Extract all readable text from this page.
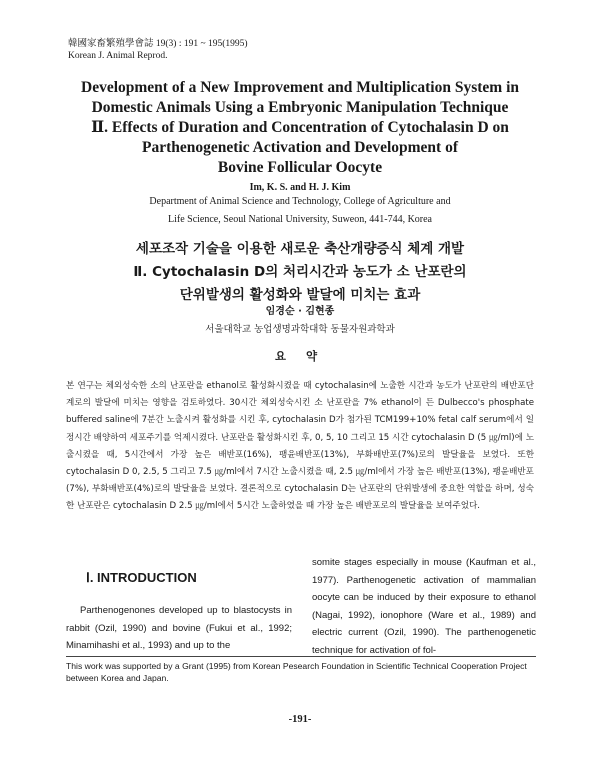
韓國家畜繁殖學會誌 19(3) : 191 ~ 195(1995)
Korean J. Animal Reprod.
Development of a New Improvement and Multiplication System in
Domestic Animals Using a Embryonic Manipulation Technique
Ⅱ. Effects of Duration and Concentration of Cytochalasin D on
Parthenogenetic Activation and Development of
Bovine Follicular Oocyte
Im, K. S. and H. J. Kim
Department of Animal Science and Technology, College of Agriculture and
Life Science, Seoul National University, Suweon, 441-744, Korea
세포조작 기술을 이용한 새로운 축산개량증식 체계 개발
Ⅱ. Cytochalasin D의 처리시간과 농도가 소 난포란의
단위발생의 활성화와 발달에 미치는 효과
임경순 · 김현종
서울대학교 농업생명과학대학 동물자원과학과
요 약

본 연구는 체외성숙한 소의 난포란을 ethanol로 활성화시켰을 때 cytochalasin에 노출한 시간과 농도가 난포란의 배반포단계로의 발달에 미치는 영향을 검토하였다. 30시간 체외성숙시킨 소 난포란을 7% ethanol이 든 Dulbecco's phosphate buffered saline에 7분간 노출시켜 활성화를 시킨 후, cytochalasin D가 첨가된 TCM199+10% fetal calf serum에서 일정시간 배양하여 세포주기를 억제시켰다. 난포란을 활성화시킨 후, 0, 5, 10 그리고 15 시간 cytochalasin D (5 ㎍/ml)에 노출시켰을 때, 5시간에서 가장 높은 배반포(16%), 팽윤배반포(13%), 부화배반포(7%)로의 발달율을 보였다. 또한 cytochalasin D 0, 2.5, 5 그리고 7.5 ㎍/ml에서 7시간 노출시켰을 때, 2.5 ㎍/ml에서 가장 높은 배반포(13%), 팽윤배반포(7%), 부화배반포(4%)로의 발달율을 보였다. 결론적으로 cytochalasin D는 난포란의 단위발생에 중요한 역할을 하며, 성숙한 난포란은 cytochalasin D 2.5 ㎍/ml에서 5시간 노출하였을 때 가장 높은 배반포로의 발달율을 보여주었다.

Ⅰ. INTRODUCTION
Parthenogenones developed up to blastocysts in rabbit (Ozil, 1990) and bovine (Fukui et al., 1992; Minamihashi et al., 1993) and up to the
somite stages especially in mouse (Kaufman et al., 1977). Parthenogenetic activation of mammalian oocyte can be induced by their exposure to ethanol (Nagai, 1992), ionophore (Ware et al., 1989) and electric current (Ozil, 1990). The parthenogenetic technique for activation of fol-
This work was supported by a Grant (1995) from Korean Pesearch Foundation in Scientific Technical Cooperation Project between Korea and Japan.
-191-
